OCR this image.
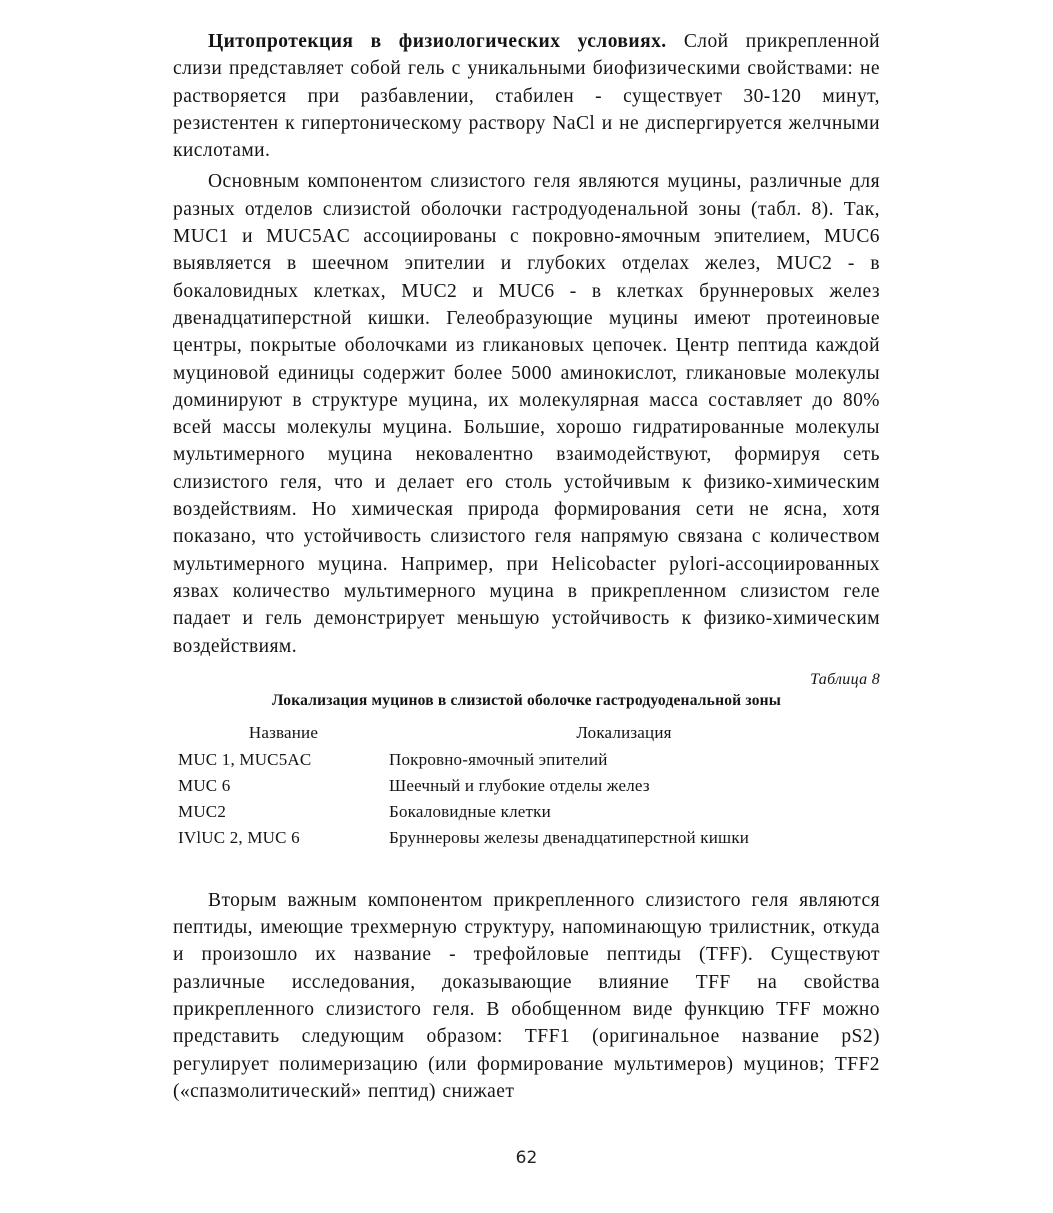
Цитопротекция в физиологических условиях. Слой прикрепленной слизи представляет собой гель с уникальными биофизическими свойствами: не растворяется при разбавлении, стабилен - существует 30-120 минут, резистентен к гипертоническому раствору NaCl и не диспергируется желчными кислотами.

Основным компонентом слизистого геля являются муцины, различные для разных отделов слизистой оболочки гастродуоденальной зоны (табл. 8). Так, MUC1 и MUC5AC ассоциированы с покровно-ямочным эпителием, MUC6 выявляется в шеечном эпителии и глубоких отделах желез, MUC2 - в бокаловидных клетках, MUC2 и MUC6 - в клетках бруннеровых желез двенадцатиперстной кишки. Гелеобразующие муцины имеют протеиновые центры, покрытые оболочками из гликановых цепочек. Центр пептида каждой муциновой единицы содержит более 5000 аминокислот, гликановые молекулы доминируют в структуре муцина, их молекулярная масса составляет до 80% всей массы молекулы муцина. Большие, хорошо гидратированные молекулы мультимерного муцина нековалентно взаимодействуют, формируя сеть слизистого геля, что и делает его столь устойчивым к физико-химическим воздействиям. Но химическая природа формирования сети не ясна, хотя показано, что устойчивость слизистого геля напрямую связана с количеством мультимерного муцина. Например, при Helicobacter pylori-ассоциированных язвах количество мультимерного муцина в прикрепленном слизистом геле падает и гель демонстрирует меньшую устойчивость к физико-химическим воздействиям.

Таблица 8
Локализация муцинов в слизистой оболочке гастродуоденальной зоны
Название	Локализация
MUC 1, MUC5AC	Покровно-ямочный эпителий
MUC 6	Шеечный и глубокие отделы желез
MUC2	Бокаловидные клетки
IVlUC 2, MUC 6	Бруннеровы железы двенадцатиперстной кишки

Вторым важным компонентом прикрепленного слизистого геля являются пептиды, имеющие трехмерную структуру, напоминающую трилистник, откуда и произошло их название - трефойловые пептиды (TFF). Существуют различные исследования, доказывающие влияние TFF на свойства прикрепленного слизистого геля. В обобщенном виде функцию TFF можно представить следующим образом: TFF1 (оригинальное название pS2) регулирует полимеризацию (или формирование мультимеров) муцинов; TFF2 («спазмолитический» пептид) снижает

62
